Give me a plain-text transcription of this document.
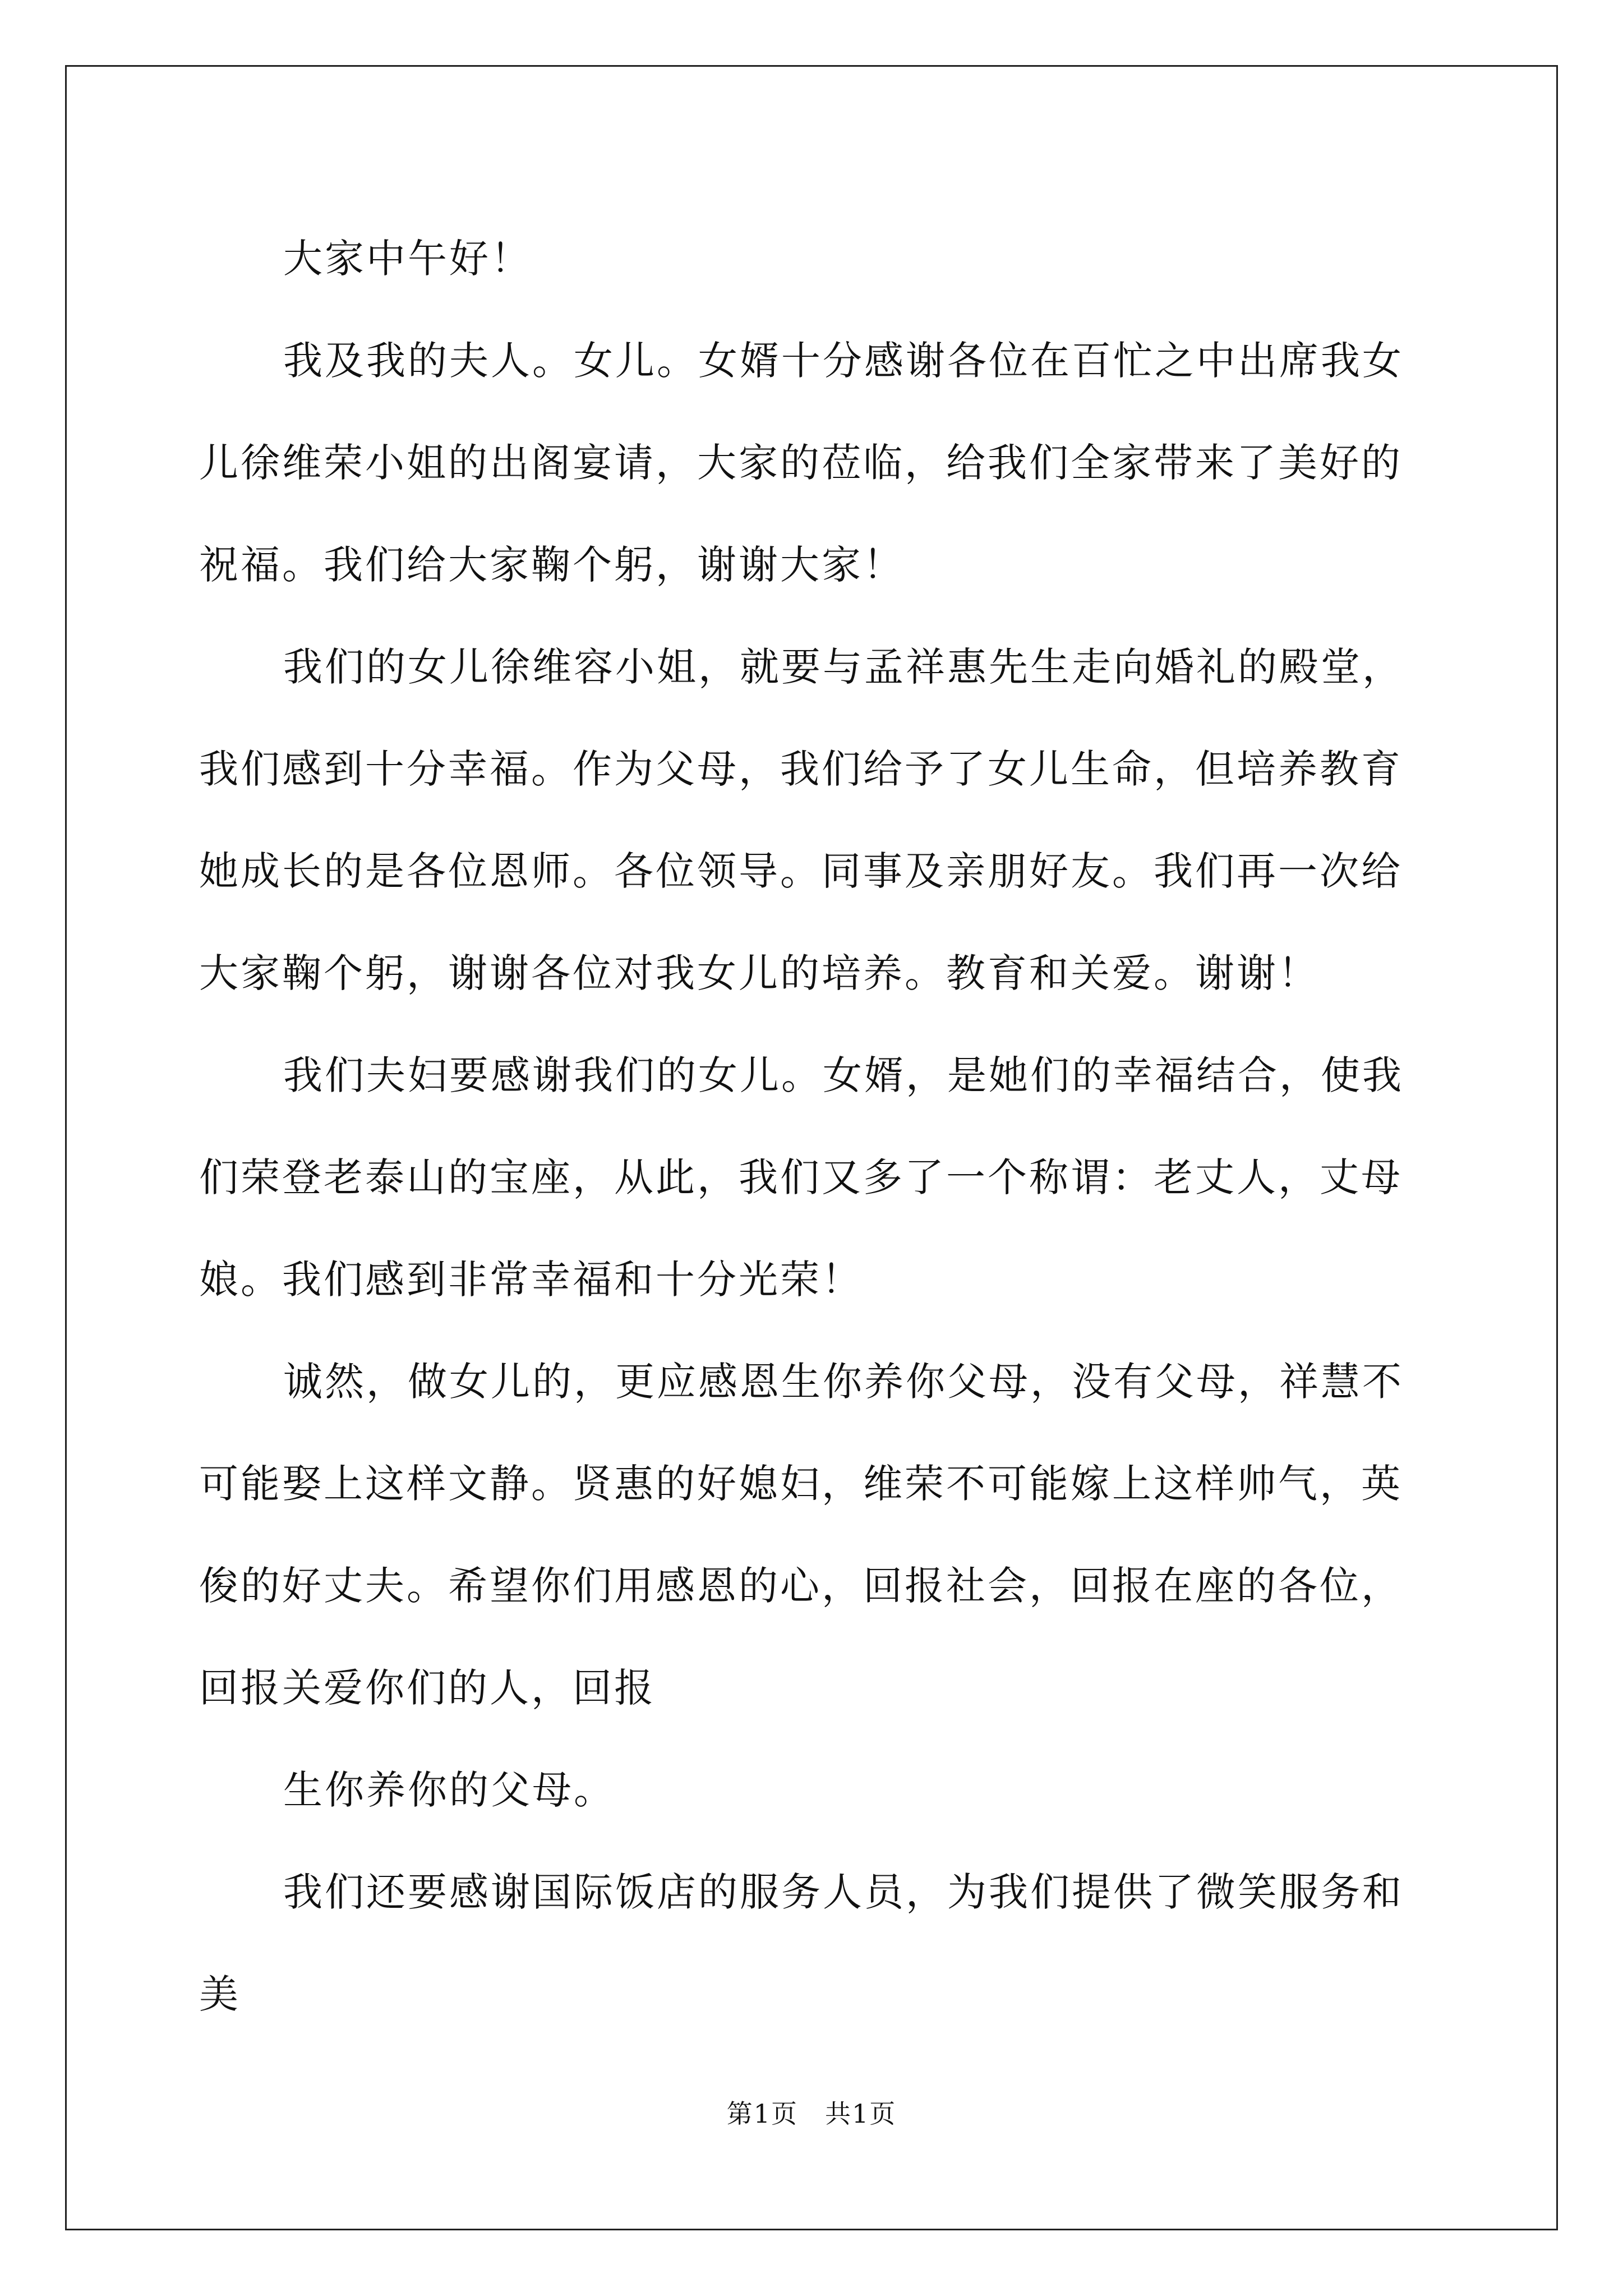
大家中午好！

我及我的夫人。女儿。女婿十分感谢各位在百忙之中出席我女儿徐维荣小姐的出阁宴请，大家的莅临，给我们全家带来了美好的祝福。我们给大家鞠个躬，谢谢大家！

我们的女儿徐维容小姐，就要与孟祥惠先生走向婚礼的殿堂，我们感到十分幸福。作为父母，我们给予了女儿生命，但培养教育她成长的是各位恩师。各位领导。同事及亲朋好友。我们再一次给大家鞠个躬，谢谢各位对我女儿的培养。教育和关爱。谢谢！

我们夫妇要感谢我们的女儿。女婿，是她们的幸福结合，使我们荣登老泰山的宝座，从此，我们又多了一个称谓：老丈人，丈母娘。我们感到非常幸福和十分光荣！

诚然，做女儿的，更应感恩生你养你父母，没有父母，祥慧不可能娶上这样文静。贤惠的好媳妇，维荣不可能嫁上这样帅气，英俊的好丈夫。希望你们用感恩的心，回报社会，回报在座的各位，回报关爱你们的人，回报

生你养你的父母。

我们还要感谢国际饭店的服务人员，为我们提供了微笑服务和美

第1页　共1页
